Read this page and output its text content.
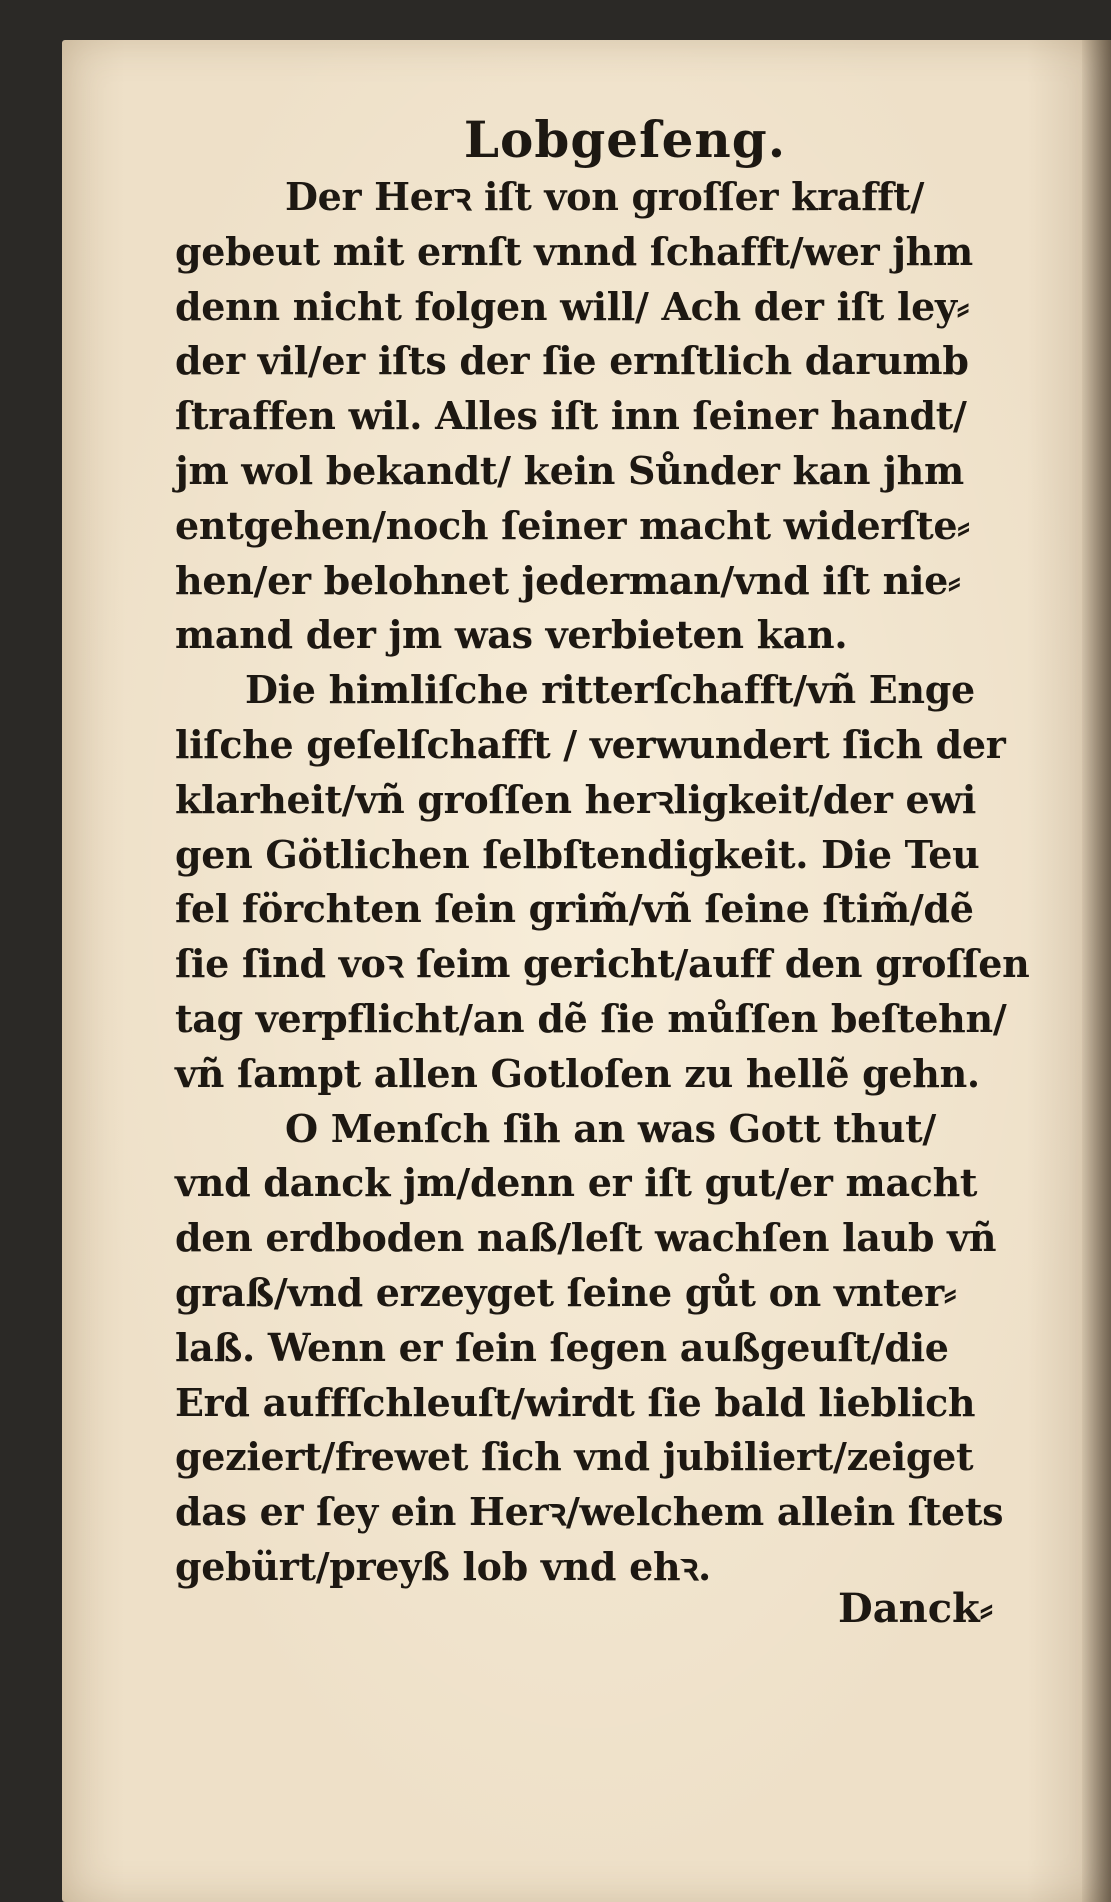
Lobgeſeng.
Der Herꝛ iſt von groſſer krafft/
gebeut mit ernſt vnnd ſchafft/wer jhm
denn nicht folgen will/ Ach der iſt ley⸗
der vil/er iſts der ſie ernſtlich darumb
ſtraffen wil. Alles iſt inn ſeiner handt/
jm wol bekandt/ kein Sůnder kan jhm
entgehen/noch ſeiner macht widerſte⸗
hen/er belohnet jederman/vnd iſt nie⸗
mand der jm was verbieten kan.
Die himliſche ritterſchafft/vñ Enge
liſche geſelſchafft / verwundert ſich der
klarheit/vñ groſſen herꝛligkeit/der ewi
gen Götlichen ſelbſtendigkeit. Die Teu
fel förchten ſein grim̃/vñ ſeine ſtim̃/dẽ
ſie ſind voꝛ ſeim gericht/auff den groſſen
tag verpflicht/an dẽ ſie můſſen beſtehn/
vñ ſampt allen Gotloſen zu hellẽ gehn.
O Menſch ſih an was Gott thut/
vnd danck jm/denn er iſt gut/er macht
den erdboden naß/leſt wachſen laub vñ
graß/vnd erzeyget ſeine gůt on vnter⸗
laß. Wenn er ſein ſegen außgeuſt/die
Erd auffſchleuſt/wirdt ſie bald lieblich
geziert/frewet ſich vnd jubiliert/zeiget
das er ſey ein Herꝛ/welchem allein ſtets
gebürt/preyß lob vnd ehꝛ.
Danck⸗
